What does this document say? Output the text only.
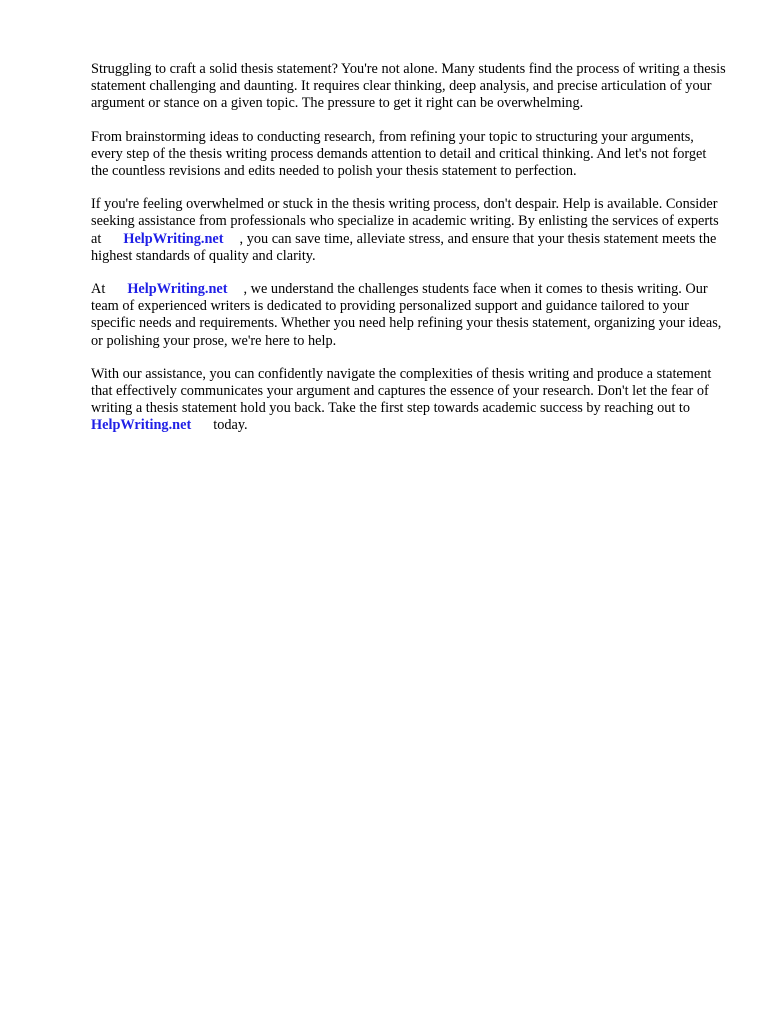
Struggling to craft a solid thesis statement? You're not alone. Many students find the process of writing a thesis statement challenging and daunting. It requires clear thinking, deep analysis, and precise articulation of your argument or stance on a given topic. The pressure to get it right can be overwhelming.

From brainstorming ideas to conducting research, from refining your topic to structuring your arguments, every step of the thesis writing process demands attention to detail and critical thinking. And let's not forget the countless revisions and edits needed to polish your thesis statement to perfection.

If you're feeling overwhelmed or stuck in the thesis writing process, don't despair. Help is available. Consider seeking assistance from professionals who specialize in academic writing. By enlisting the services of experts at HelpWriting.net , you can save time, alleviate stress, and ensure that your thesis statement meets the highest standards of quality and clarity.

At HelpWriting.net , we understand the challenges students face when it comes to thesis writing. Our team of experienced writers is dedicated to providing personalized support and guidance tailored to your specific needs and requirements. Whether you need help refining your thesis statement, organizing your ideas, or polishing your prose, we're here to help.

With our assistance, you can confidently navigate the complexities of thesis writing and produce a statement that effectively communicates your argument and captures the essence of your research. Don't let the fear of writing a thesis statement hold you back. Take the first step towards academic success by reaching out toHelpWriting.net today.
